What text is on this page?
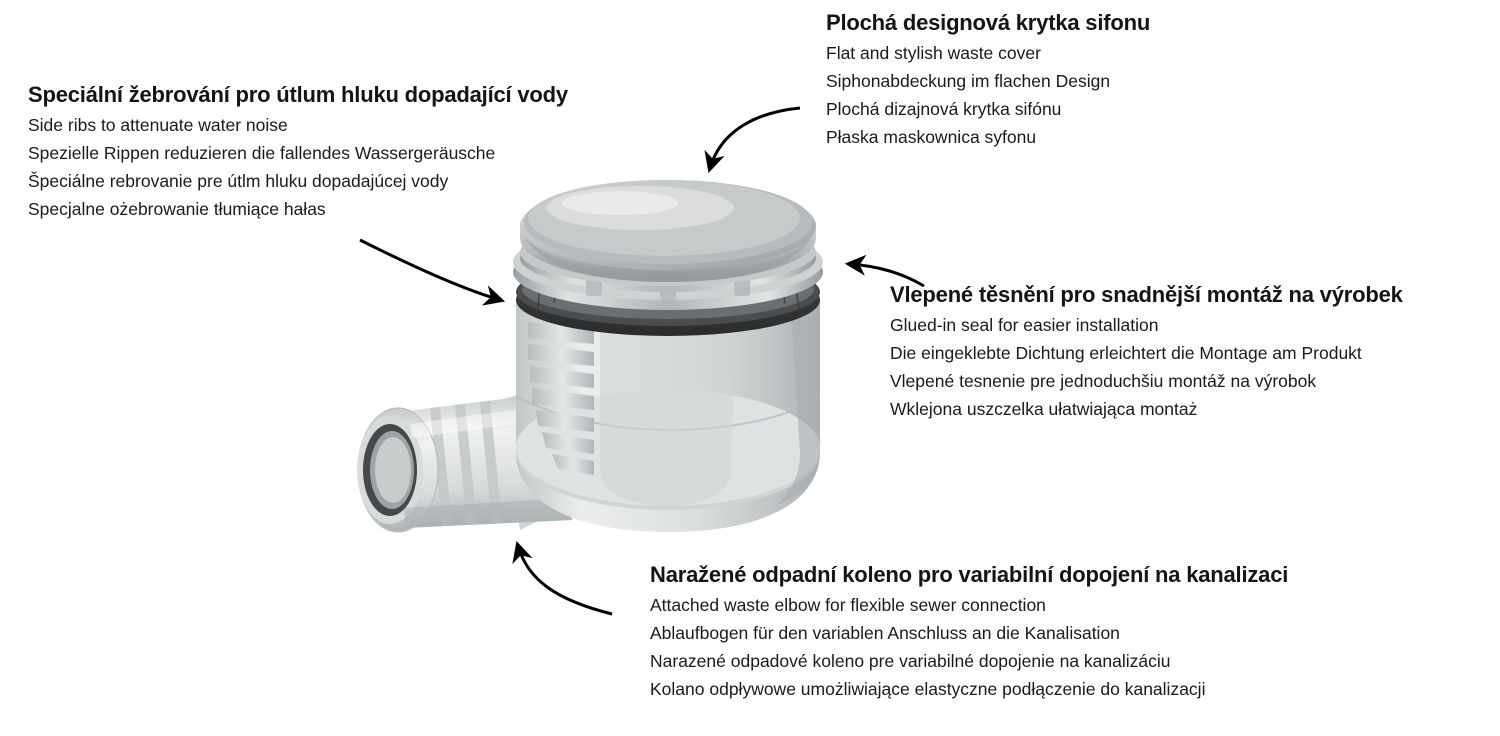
Plochá designová krytka sifonu

Flat and stylish waste cover

Siphonabdeckung im flachen Design

Plochá dizajnová krytka sifónu

Płaska maskownica syfonu

Speciální žebrování pro útlum hluku dopadající vody

Side ribs to attenuate water noise

Spezielle Rippen reduzieren die fallendes Wassergeräusche

Špeciálne rebrovanie pre útlm hluku dopadajúcej vody

Specjalne ożebrowanie tłumiące hałas

Vlepené těsnění pro snadnější montáž na výrobek

Glued-in seal for easier installation

Die eingeklebte Dichtung erleichtert die Montage am Produkt

Vlepené tesnenie pre jednoduchšiu montáž na výrobok

Wklejona uszczelka ułatwiająca montaż

Naražené odpadní koleno pro variabilní dopojení na kanalizaci

Attached waste elbow for flexible sewer connection

Ablaufbogen für den variablen Anschluss an die Kanalisation

Narazené odpadové koleno pre variabilné dopojenie na kanalizáciu

Kolano odpływowe umożliwiające elastyczne podłączenie do kanalizacji
